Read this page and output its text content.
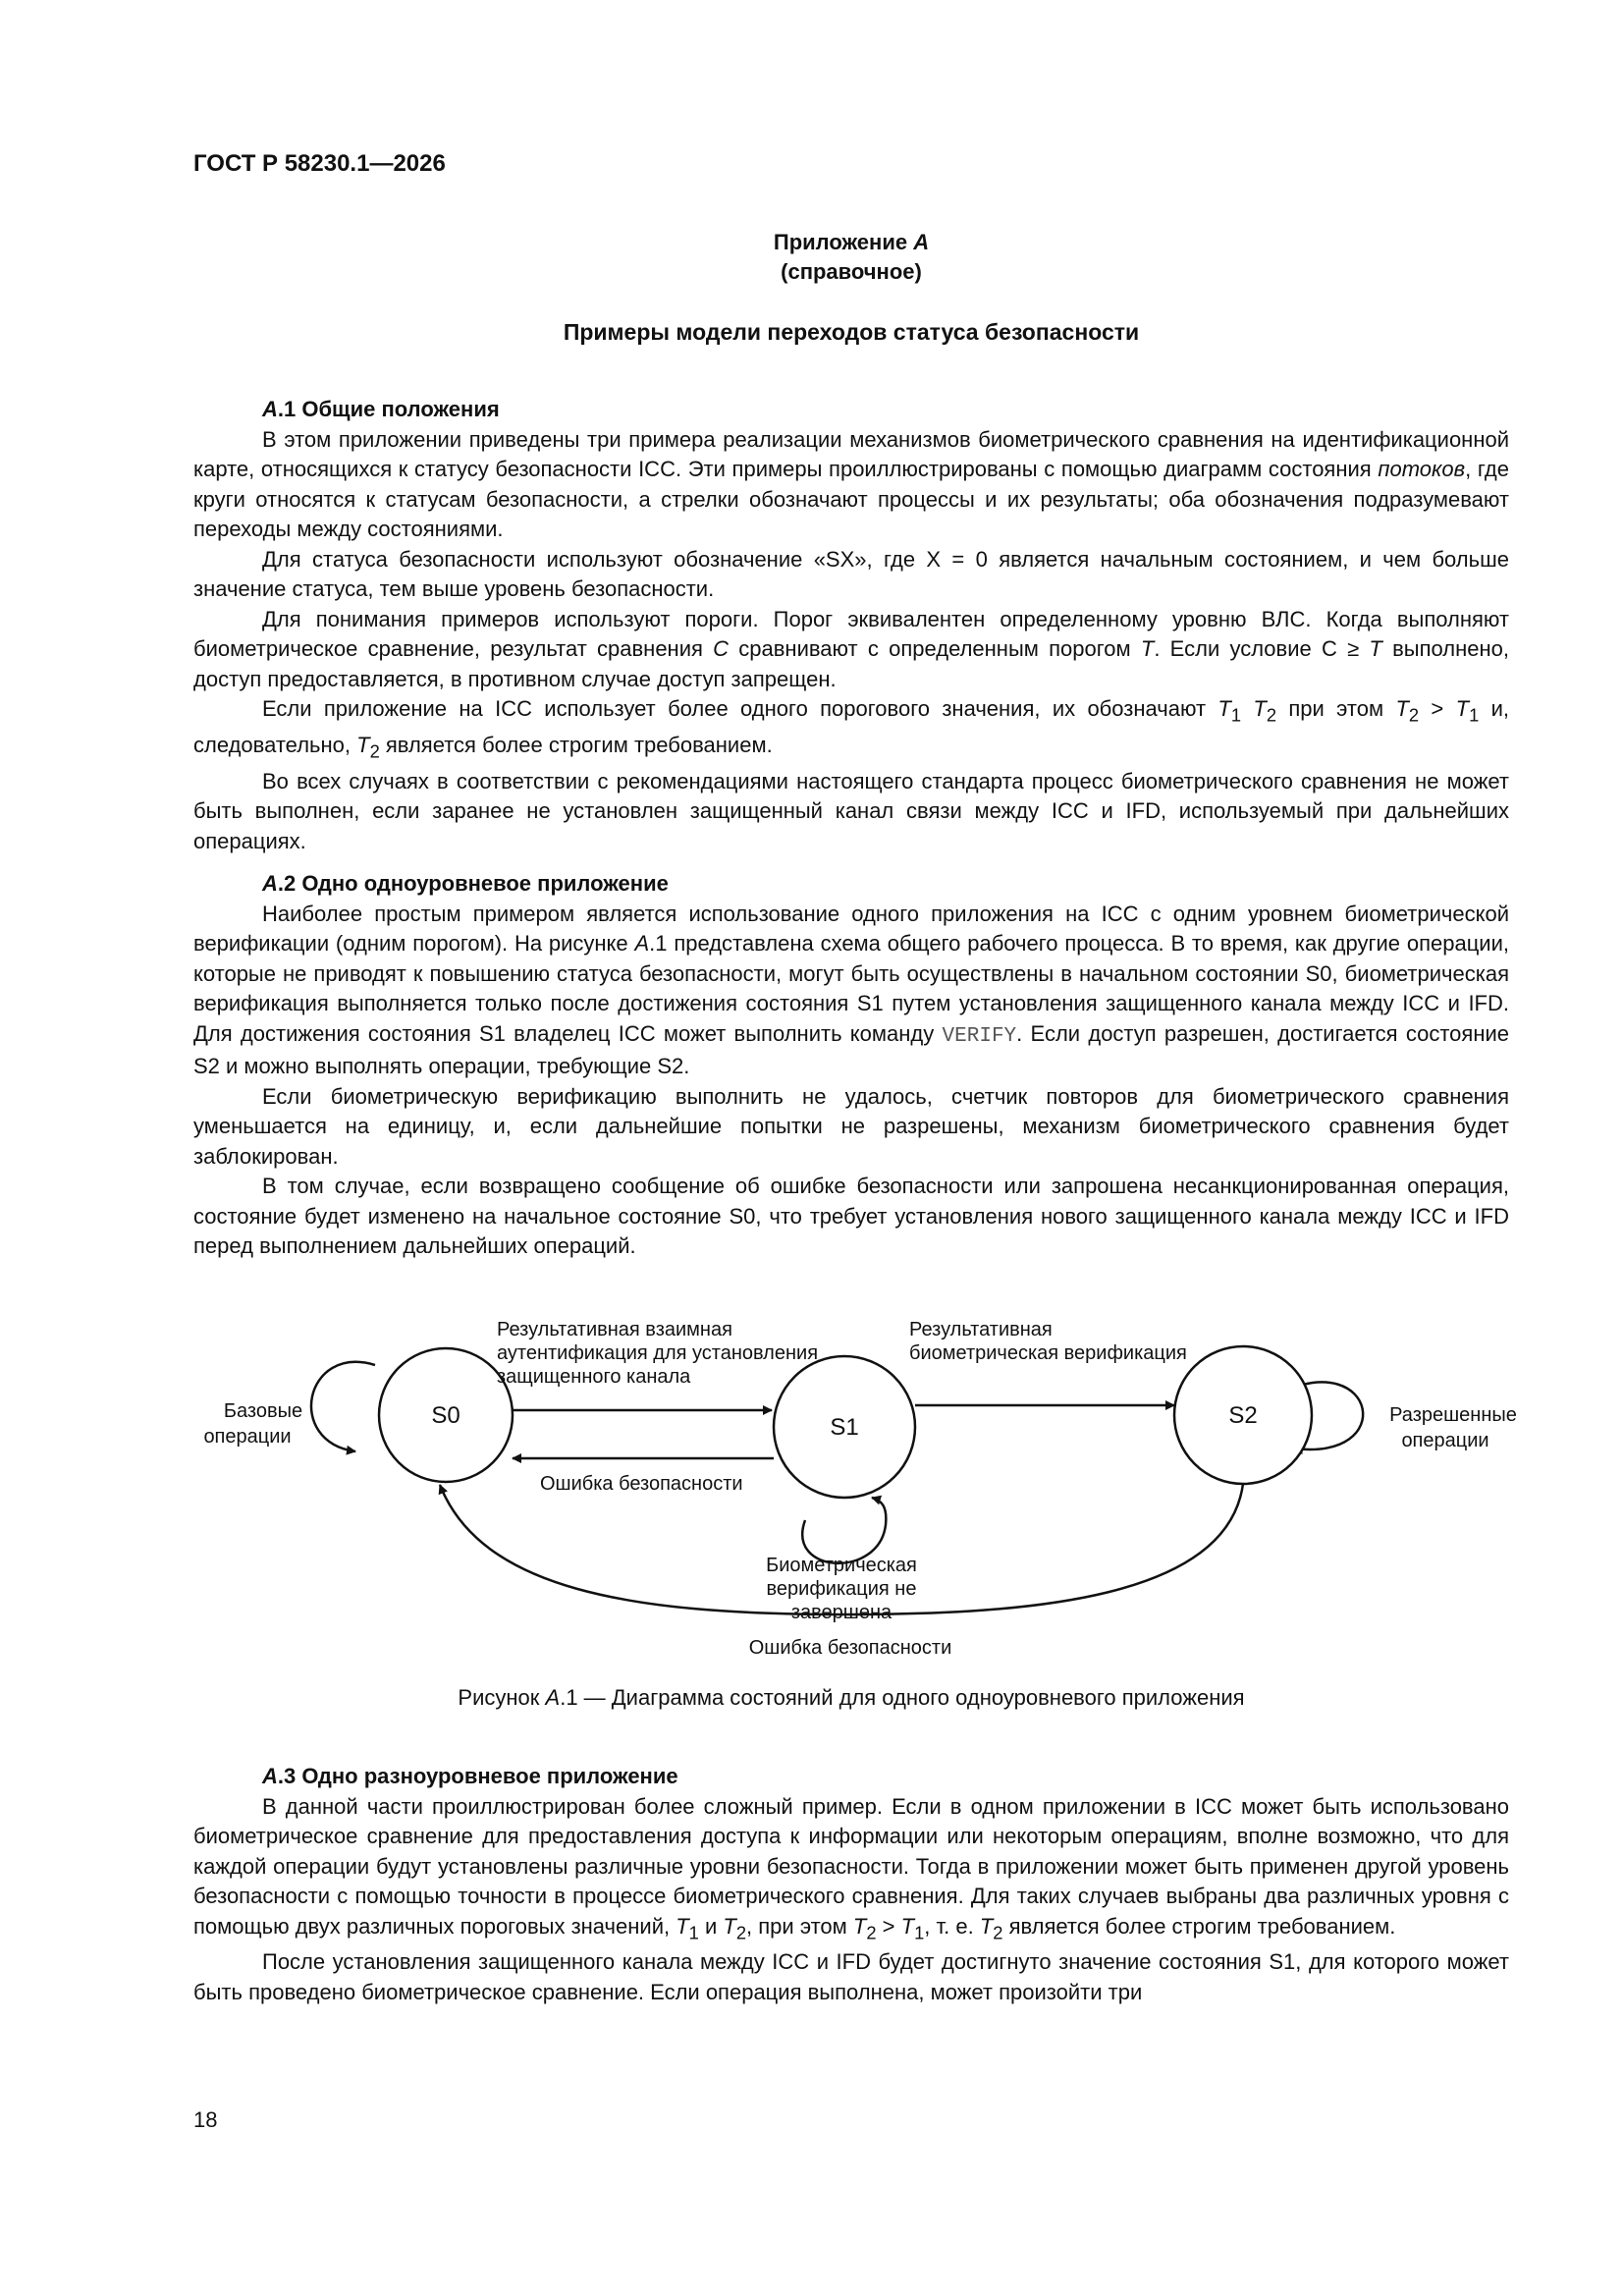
ГОСТ Р 58230.1—2026
Приложение А
(справочное)
Примеры модели переходов статуса безопасности
А.1 Общие положения

В этом приложении приведены три примера реализации механизмов биометрического сравнения на идентификационной карте, относящихся к статусу безопасности ICC. Эти примеры проиллюстрированы с помощью диаграмм состояния потоков, где круги относятся к статусам безопасности, а стрелки обозначают процессы и их результаты; оба обозначения подразумевают переходы между состояниями.

Для статуса безопасности используют обозначение «SX», где X = 0 является начальным состоянием, и чем больше значение статуса, тем выше уровень безопасности.

Для понимания примеров используют пороги. Порог эквивалентен определенному уровню ВЛС. Когда выполняют биометрическое сравнение, результат сравнения С сравнивают с определенным порогом Т. Если условие С ≥ Т выполнено, доступ предоставляется, в противном случае доступ запрещен.

Если приложение на ICC использует более одного порогового значения, их обозначают $T_1$ $T_2$ при этом $T_2 > T_1$ и, следовательно, $T_2$ является более строгим требованием.

Во всех случаях в соответствии с рекомендациями настоящего стандарта процесс биометрического сравнения не может быть выполнен, если заранее не установлен защищенный канал связи между ICC и IFD, используемый при дальнейших операциях.

А.2 Одно одноуровневое приложение

Наиболее простым примером является использование одного приложения на ICC с одним уровнем биометрической верификации (одним порогом). На рисунке А.1 представлена схема общего рабочего процесса. В то время, как другие операции, которые не приводят к повышению статуса безопасности, могут быть осуществлены в начальном состоянии S0, биометрическая верификация выполняется только после достижения состояния S1 путем установления защищенного канала между ICC и IFD. Для достижения состояния S1 владелец ICC может выполнить команду VERIFY. Если доступ разрешен, достигается состояние S2 и можно выполнять операции, требующие S2.

Если биометрическую верификацию выполнить не удалось, счетчик повторов для биометрического сравнения уменьшается на единицу, и, если дальнейшие попытки не разрешены, механизм биометрического сравнения будет заблокирован.

В том случае, если возвращено сообщение об ошибке безопасности или запрошена несанкционированная операция, состояние будет изменено на начальное состояние S0, что требует установления нового защищенного канала между ICC и IFD перед выполнением дальнейших операций.

S0	S1	S2
Базовые
операции
Разрешенные
операции
Результативная взаимная
аутентификация для установления
защищенного канала
Результативная
биометрическая верификация
Ошибка безопасности
Биометрическая
верификация не
завершена
Ошибка безопасности
Рисунок А.1 — Диаграмма состояний для одного одноуровневого приложения
А.3 Одно разноуровневое приложение

В данной части проиллюстрирован более сложный пример. Если в одном приложении в ICC может быть использовано биометрическое сравнение для предоставления доступа к информации или некоторым операциям, вполне возможно, что для каждой операции будут установлены различные уровни безопасности. Тогда в приложении может быть применен другой уровень безопасности с помощью точности в процессе биометрического сравнения. Для таких случаев выбраны два различных уровня с помощью двух различных пороговых значений, $T_1$ и $T_2$, при этом $T_2 > T_1$, т. е. $T_2$ является более строгим требованием.

После установления защищенного канала между ICC и IFD будет достигнуто значение состояния S1, для которого может быть проведено биометрическое сравнение. Если операция выполнена, может произойти три

18
